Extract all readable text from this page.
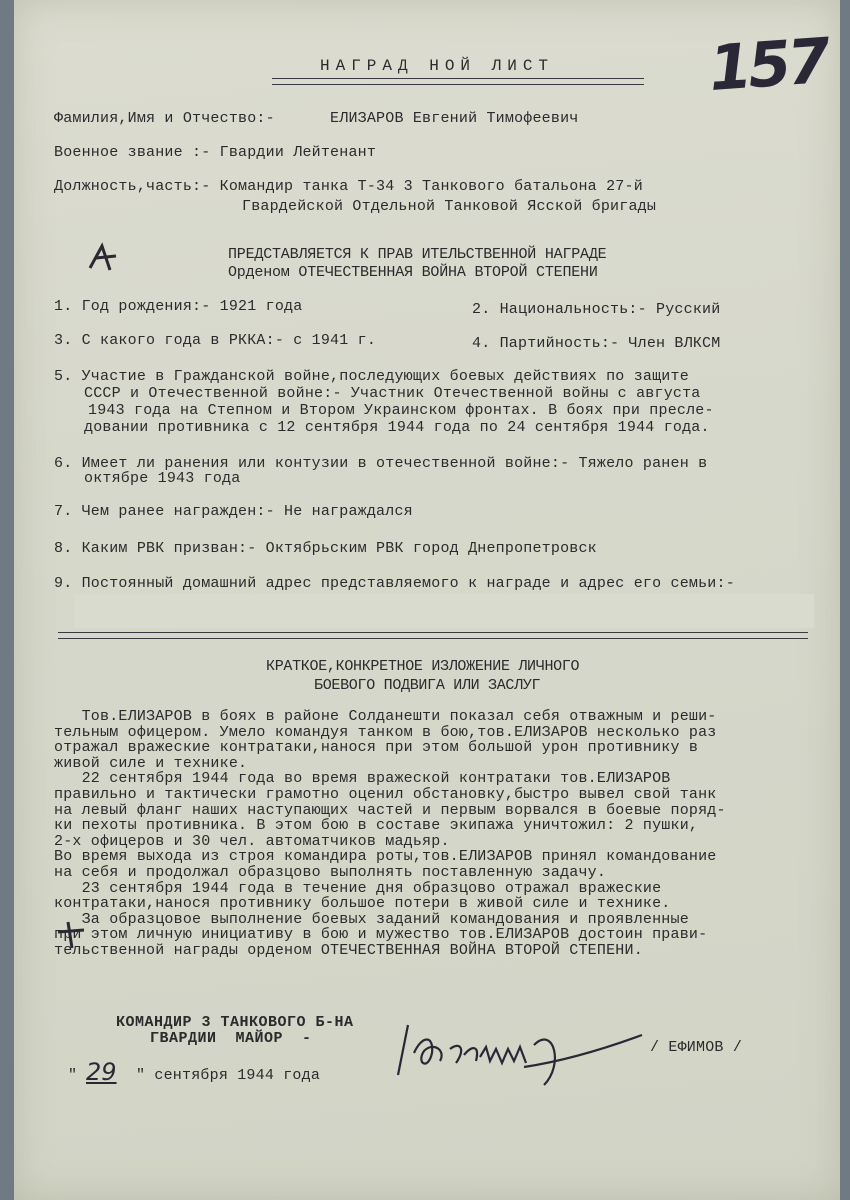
НАГРАД НОЙ ЛИСТ 157
Фамилия,Имя и Отчество:-      ЕЛИЗАРОВ Евгений Тимофеевич
Военное звание :- Гвардии Лейтенант
Должность,часть:- Командир танка Т-34 3 Танкового батальона 27-й
Гвардейской Отдельной Танковой Ясской бригады
ПРЕДСТАВЛЯЕТСЯ К ПРАВ ИТЕЛЬСТВЕННОЙ НАГРАДЕ
Орденом ОТЕЧЕСТВЕННАЯ ВОЙНА ВТОРОЙ СТЕПЕНИ
1. Год рождения:- 1921 года	2. Национальность:- Русский
3. С какого года в РККА:- с 1941 г.	4. Партийность:- Член ВЛКСМ
5. Участие в Гражданской войне,последующих боевых действиях по защите
СССР и Отечественной войне:- Участник Отечественной войны с августа
1943 года на Степном и Втором Украинском фронтах. В боях при пресле-
довании противника с 12 сентября 1944 года по 24 сентября 1944 года.
6. Имеет ли ранения или контузии в отечественной войне:- Тяжело ранен в
октябре 1943 года
7. Чем ранее награжден:- Не награждался
8. Каким РВК призван:- Октябрьским РВК город Днепропетровск
9. Постоянный домашний адрес представляемого к награде и адрес его семьи:-
КРАТКОЕ,КОНКРЕТНОЕ ИЗЛОЖЕНИЕ ЛИЧНОГО
БОЕВОГО ПОДВИГА ИЛИ ЗАСЛУГ
Тов.ЕЛИЗАРОВ в боях в районе Солданешти показал себя отважным и реши-
тельным офицером. Умело командуя танком в бою,тов.ЕЛИЗАРОВ несколько раз
отражал вражеские контратаки,нанося при этом большой урон противнику в
живой силе и технике.
22 сентября 1944 года во время вражеской контратаки тов.ЕЛИЗАРОВ
правильно и тактически грамотно оценил обстановку,быстро вывел свой танк
на левый фланг наших наступающих частей и первым ворвался в боевые поряд-
ки пехоты противника. В этом бою в составе экипажа уничтожил: 2 пушки,
2-х офицеров и 30 чел. автоматчиков мадьяр.
Во время выхода из строя командира роты,тов.ЕЛИЗАРОВ принял командование
на себя и продолжал образцово выполнять поставленную задачу.
23 сентября 1944 года в течение дня образцово отражал вражеские
контратаки,нанося противнику большое потери в живой силе и технике.
За образцовое выполнение боевых заданий командования и проявленные
при этом личную инициативу в бою и мужество тов.ЕЛИЗАРОВ достоин прави-
тельственной награды орденом ОТЕЧЕСТВЕННАЯ ВОЙНА ВТОРОЙ СТЕПЕНИ.
КОМАНДИР 3 ТАНКОВОГО Б-НА
ГВАРДИИ  МАЙОР  -
/ ЕФИМОВ /
" 29 " сентября 1944 года
